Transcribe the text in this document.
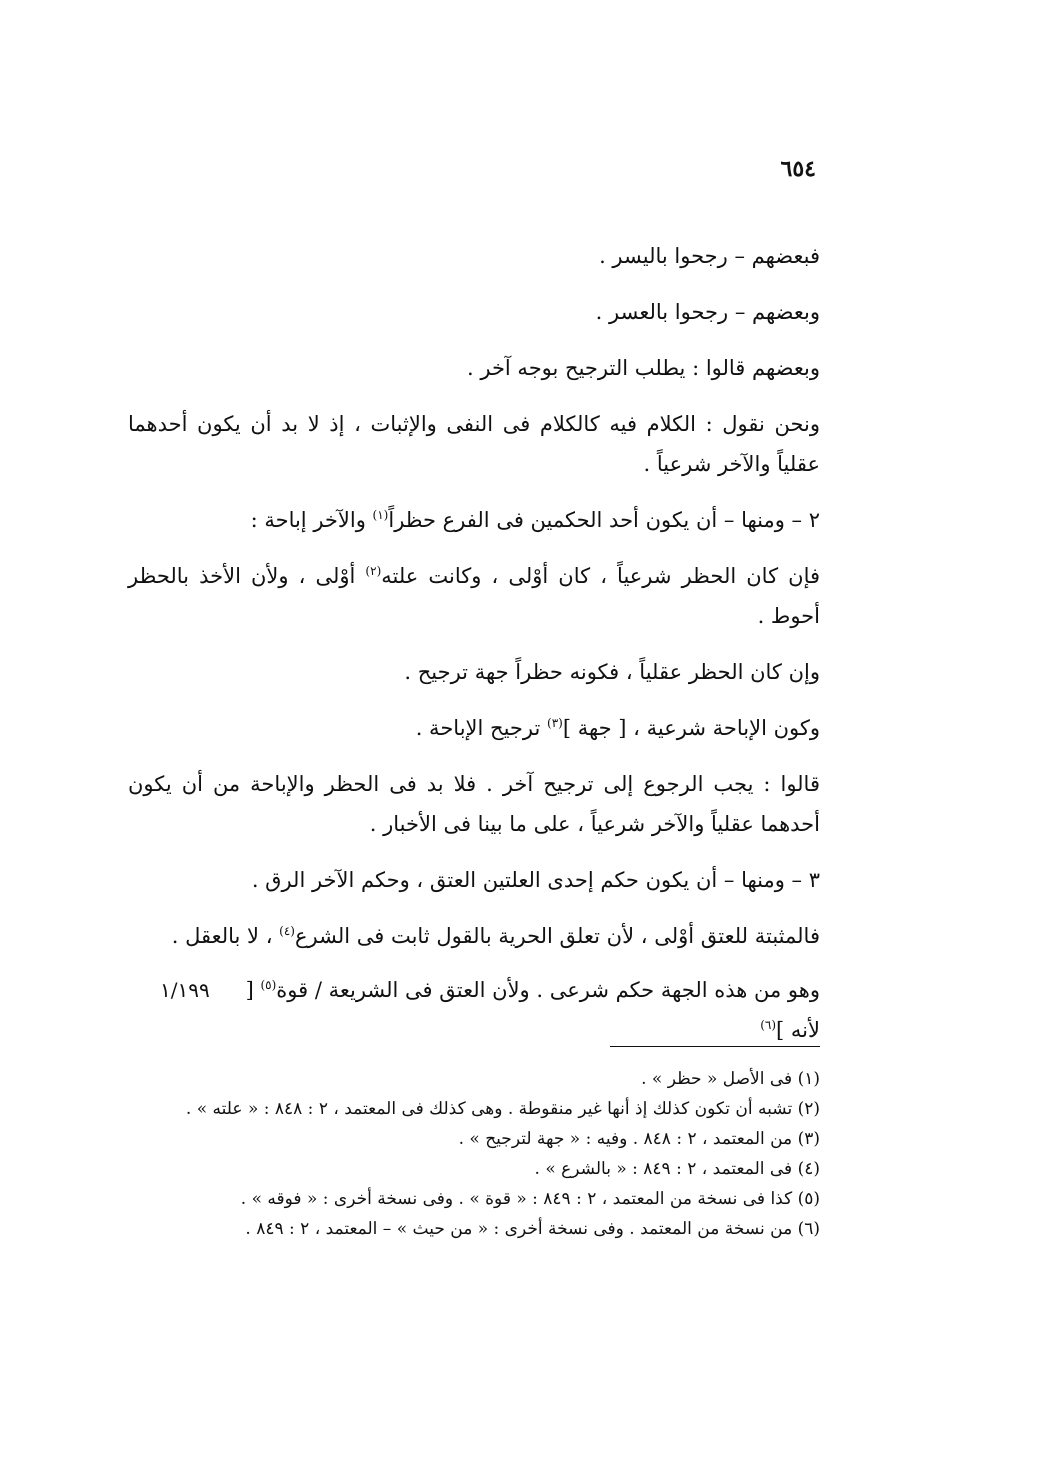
٦٥٤

فبعضهم – رجحوا باليسر .

وبعضهم – رجحوا بالعسر .

وبعضهم قالوا : يطلب الترجيح بوجه آخر .

ونحن نقول : الكلام فيه كالكلام فى النفى والإثبات ، إذ لا بد أن يكون أحدهما عقلياً والآخر شرعياً .

٢ – ومنها – أن يكون أحد الحكمين فى الفرع حظراً$^{(١)}$ والآخر إباحة :

فإن كان الحظر شرعياً ، كان أوْلى ، وكانت علته$^{(٢)}$ أوْلى ، ولأن الأخذ بالحظر أحوط .

وإن كان الحظر عقلياً ، فكونه حظراً جهة ترجيح .

وكون الإباحة شرعية ، [ جهة ]$^{(٣)}$ ترجيح الإباحة .

قالوا : يجب الرجوع إلى ترجيح آخر . فلا بد فى الحظر والإباحة من أن يكون أحدهما عقلياً والآخر شرعياً ، على ما بينا فى الأخبار .

٣ – ومنها – أن يكون حكم إحدى العلتين العتق ، وحكم الآخر الرق .

فالمثبتة للعتق أوْلى ، لأن تعلق الحرية بالقول ثابت فى الشرع$^{(٤)}$ ، لا بالعقل .

وهو من هذه الجهة حكم شرعى . ولأن العتق فى الشريعة / قوة$^{(٥)}$ [ لأنه ]$^{(٦)}$
١/١٩٩

(١) فى الأصل « حظر » .

(٢) تشبه أن تكون كذلك إذ أنها غير منقوطة . وهى كذلك فى المعتمد ، ٢ : ٨٤٨ : « علته » .

(٣) من المعتمد ، ٢ : ٨٤٨ . وفيه : « جهة لترجيح » .

(٤) فى المعتمد ، ٢ : ٨٤٩ : « بالشرع » .

(٥) كذا فى نسخة من المعتمد ، ٢ : ٨٤٩ : « قوة » . وفى نسخة أخرى : « فوقه » .

(٦) من نسخة من المعتمد . وفى نسخة أخرى : « من حيث » – المعتمد ، ٢ : ٨٤٩ .
